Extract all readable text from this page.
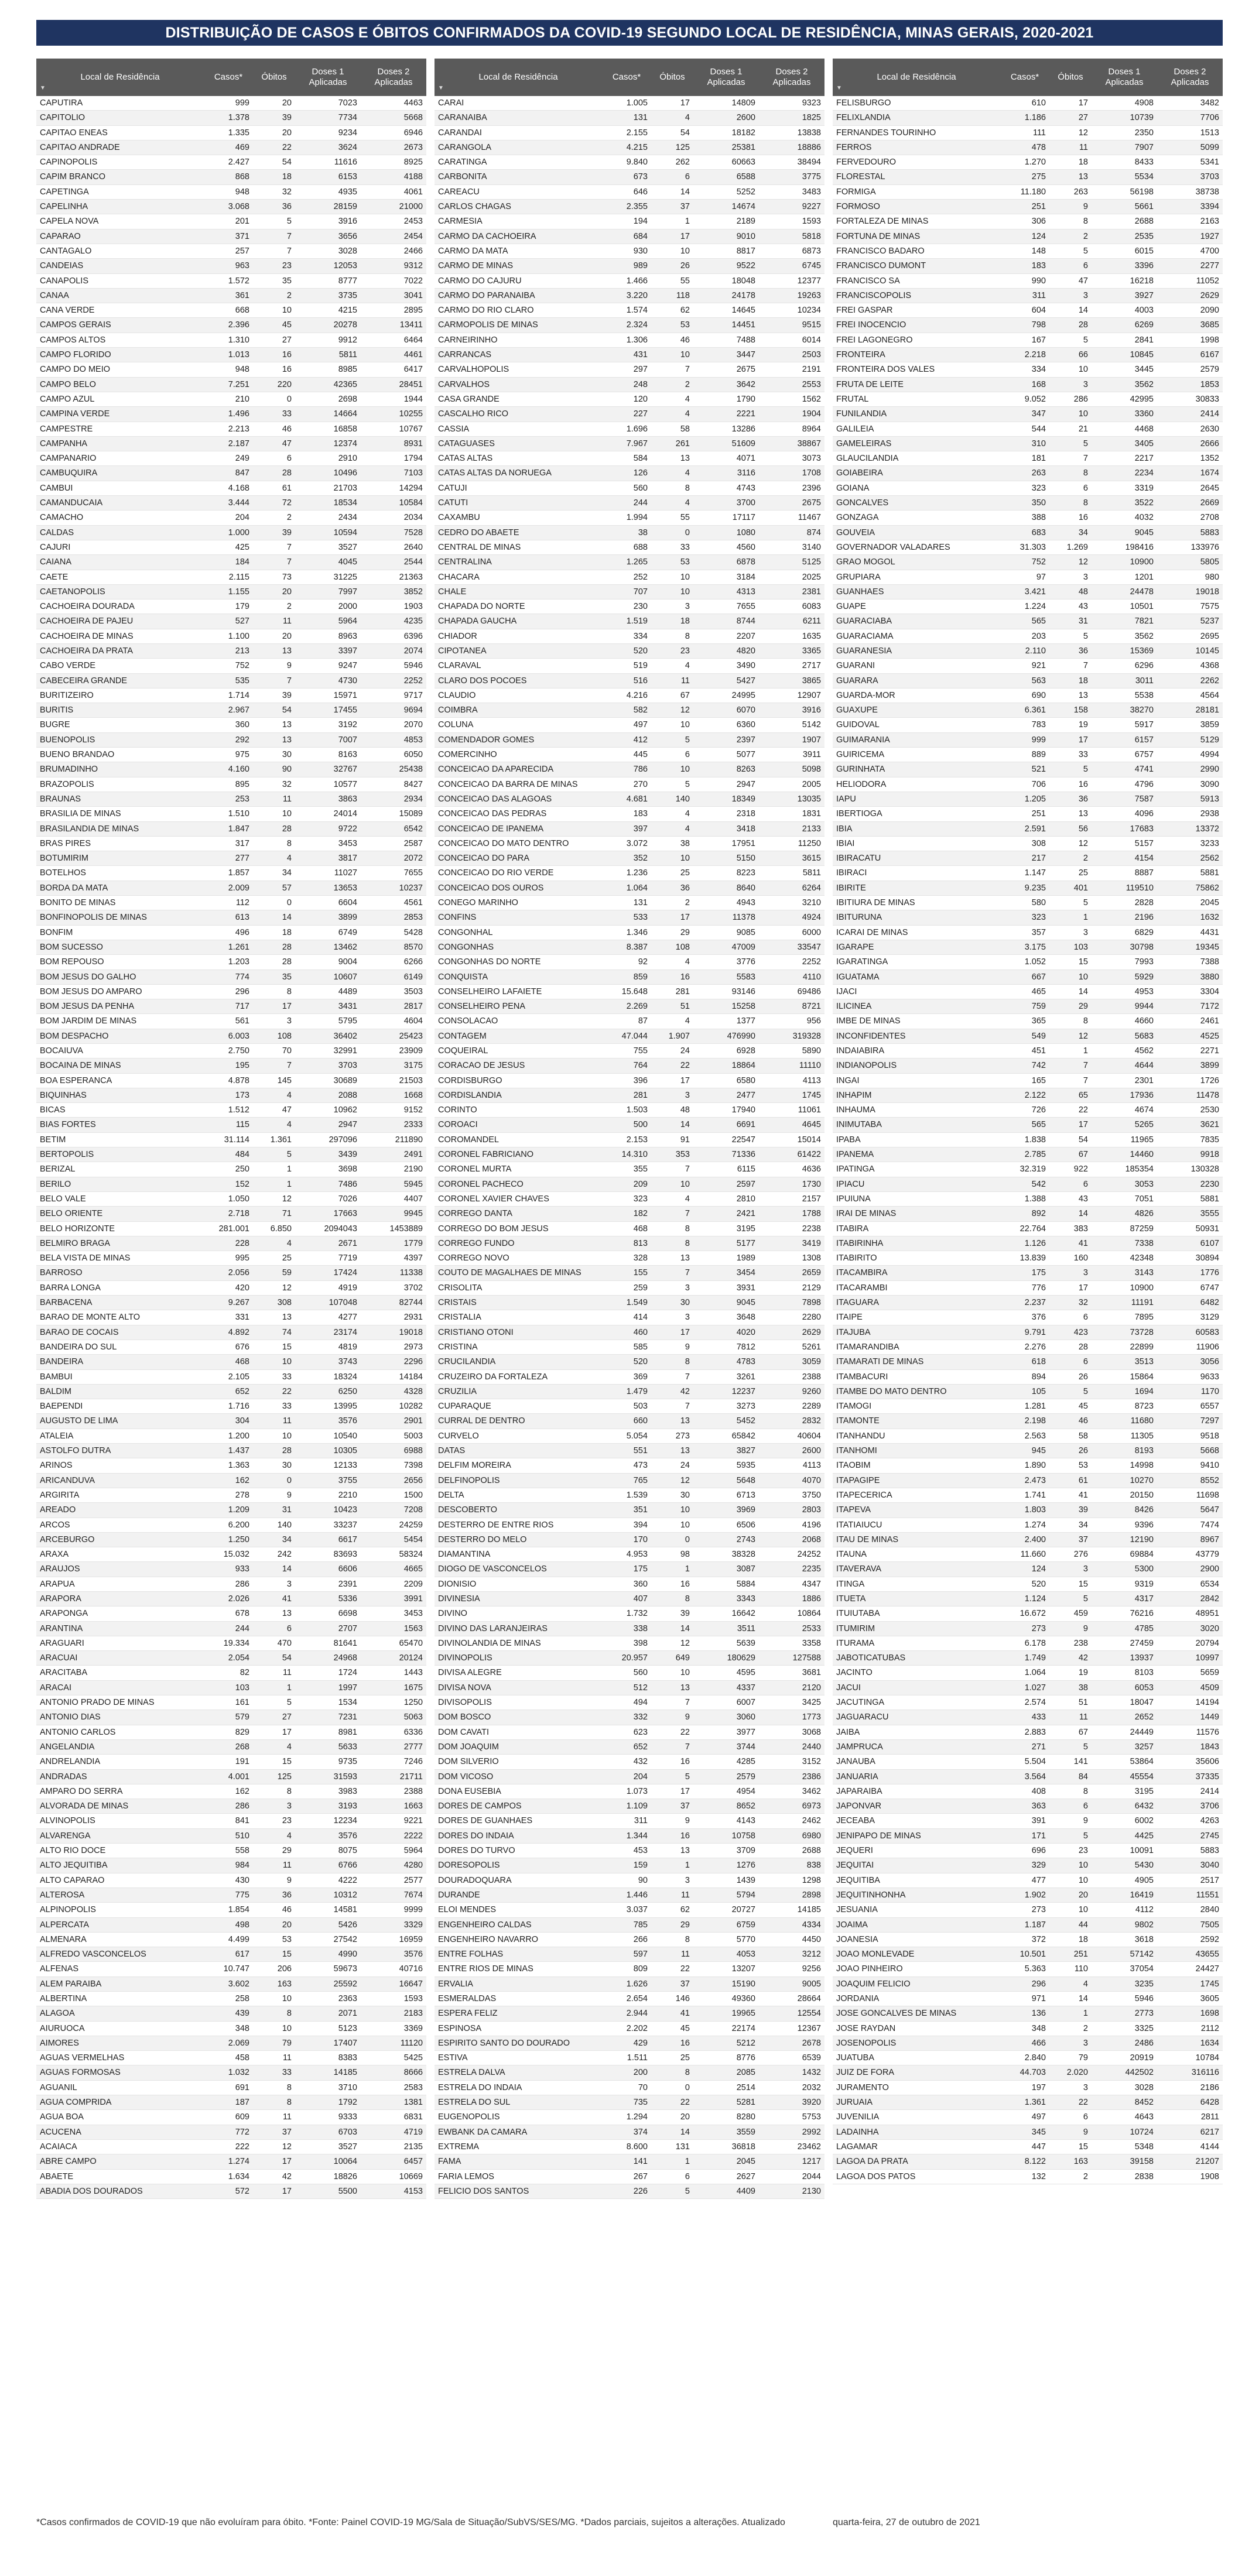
DISTRIBUIÇÃO DE CASOS E ÓBITOS CONFIRMADOS DA COVID-19 SEGUNDO LOCAL DE RESIDÊNCIA, MINAS GERAIS, 2020-2021
▼
Local de Residência	Casos*	Óbitos	Doses 1 Aplicadas	Doses 2 Aplicadas
CAPUTIRA	999	20	7023	4463
CAPITOLIO	1.378	39	7734	5668
CAPITAO ENEAS	1.335	20	9234	6946
CAPITAO ANDRADE	469	22	3624	2673
CAPINOPOLIS	2.427	54	11616	8925
CAPIM BRANCO	868	18	6153	4188
CAPETINGA	948	32	4935	4061
CAPELINHA	3.068	36	28159	21000
CAPELA NOVA	201	5	3916	2453
CAPARAO	371	7	3656	2454
CANTAGALO	257	7	3028	2466
CANDEIAS	963	23	12053	9312
CANAPOLIS	1.572	35	8777	7022
CANAA	361	2	3735	3041
CANA VERDE	668	10	4215	2895
CAMPOS GERAIS	2.396	45	20278	13411
CAMPOS ALTOS	1.310	27	9912	6464
CAMPO FLORIDO	1.013	16	5811	4461
CAMPO DO MEIO	948	16	8985	6417
CAMPO BELO	7.251	220	42365	28451
CAMPO AZUL	210	0	2698	1944
CAMPINA VERDE	1.496	33	14664	10255
CAMPESTRE	2.213	46	16858	10767
CAMPANHA	2.187	47	12374	8931
CAMPANARIO	249	6	2910	1794
CAMBUQUIRA	847	28	10496	7103
CAMBUI	4.168	61	21703	14294
CAMANDUCAIA	3.444	72	18534	10584
CAMACHO	204	2	2434	2034
CALDAS	1.000	39	10594	7528
CAJURI	425	7	3527	2640
CAIANA	184	7	4045	2544
CAETE	2.115	73	31225	21363
CAETANOPOLIS	1.155	20	7997	3852
CACHOEIRA DOURADA	179	2	2000	1903
CACHOEIRA DE PAJEU	527	11	5964	4235
CACHOEIRA DE MINAS	1.100	20	8963	6396
CACHOEIRA DA PRATA	213	13	3397	2074
CABO VERDE	752	9	9247	5946
CABECEIRA GRANDE	535	7	4730	2252
BURITIZEIRO	1.714	39	15971	9717
BURITIS	2.967	54	17455	9694
BUGRE	360	13	3192	2070
BUENOPOLIS	292	13	7007	4853
BUENO BRANDAO	975	30	8163	6050
BRUMADINHO	4.160	90	32767	25438
BRAZOPOLIS	895	32	10577	8427
BRAUNAS	253	11	3863	2934
BRASILIA DE MINAS	1.510	10	24014	15089
BRASILANDIA DE MINAS	1.847	28	9722	6542
BRAS PIRES	317	8	3453	2587
BOTUMIRIM	277	4	3817	2072
BOTELHOS	1.857	34	11027	7655
BORDA DA MATA	2.009	57	13653	10237
BONITO DE MINAS	112	0	6604	4561
BONFINOPOLIS DE MINAS	613	14	3899	2853
BONFIM	496	18	6749	5428
BOM SUCESSO	1.261	28	13462	8570
BOM REPOUSO	1.203	28	9004	6266
BOM JESUS DO GALHO	774	35	10607	6149
BOM JESUS DO AMPARO	296	8	4489	3503
BOM JESUS DA PENHA	717	17	3431	2817
BOM JARDIM DE MINAS	561	3	5795	4604
BOM DESPACHO	6.003	108	36402	25423
BOCAIUVA	2.750	70	32991	23909
BOCAINA DE MINAS	195	7	3703	3175
BOA ESPERANCA	4.878	145	30689	21503
BIQUINHAS	173	4	2088	1668
BICAS	1.512	47	10962	9152
BIAS FORTES	115	4	2947	2333
BETIM	31.114	1.361	297096	211890
BERTOPOLIS	484	5	3439	2491
BERIZAL	250	1	3698	2190
BERILO	152	1	7486	5945
BELO VALE	1.050	12	7026	4407
BELO ORIENTE	2.718	71	17663	9945
BELO HORIZONTE	281.001	6.850	2094043	1453889
BELMIRO BRAGA	228	4	2671	1779
BELA VISTA DE MINAS	995	25	7719	4397
BARROSO	2.056	59	17424	11338
BARRA LONGA	420	12	4919	3702
BARBACENA	9.267	308	107048	82744
BARAO DE MONTE ALTO	331	13	4277	2931
BARAO DE COCAIS	4.892	74	23174	19018
BANDEIRA DO SUL	676	15	4819	2973
BANDEIRA	468	10	3743	2296
BAMBUI	2.105	33	18324	14184
BALDIM	652	22	6250	4328
BAEPENDI	1.716	33	13995	10282
AUGUSTO DE LIMA	304	11	3576	2901
ATALEIA	1.200	10	10540	5003
ASTOLFO DUTRA	1.437	28	10305	6988
ARINOS	1.363	30	12133	7398
ARICANDUVA	162	0	3755	2656
ARGIRITA	278	9	2210	1500
AREADO	1.209	31	10423	7208
ARCOS	6.200	140	33237	24259
ARCEBURGO	1.250	34	6617	5454
ARAXA	15.032	242	83693	58324
ARAUJOS	933	14	6606	4665
ARAPUA	286	3	2391	2209
ARAPORA	2.026	41	5336	3991
ARAPONGA	678	13	6698	3453
ARANTINA	244	6	2707	1563
ARAGUARI	19.334	470	81641	65470
ARACUAI	2.054	54	24968	20124
ARACITABA	82	11	1724	1443
ARACAI	103	1	1997	1675
ANTONIO PRADO DE MINAS	161	5	1534	1250
ANTONIO DIAS	579	27	7231	5063
ANTONIO CARLOS	829	17	8981	6336
ANGELANDIA	268	4	5633	2777
ANDRELANDIA	191	15	9735	7246
ANDRADAS	4.001	125	31593	21711
AMPARO DO SERRA	162	8	3983	2388
ALVORADA DE MINAS	286	3	3193	1663
ALVINOPOLIS	841	23	12234	9221
ALVARENGA	510	4	3576	2222
ALTO RIO DOCE	558	29	8075	5964
ALTO JEQUITIBA	984	11	6766	4280
ALTO CAPARAO	430	9	4222	2577
ALTEROSA	775	36	10312	7674
ALPINOPOLIS	1.854	46	14581	9999
ALPERCATA	498	20	5426	3329
ALMENARA	4.499	53	27542	16959
ALFREDO VASCONCELOS	617	15	4990	3576
ALFENAS	10.747	206	59673	40716
ALEM PARAIBA	3.602	163	25592	16647
ALBERTINA	258	10	2363	1593
ALAGOA	439	8	2071	2183
AIURUOCA	348	10	5123	3369
AIMORES	2.069	79	17407	11120
AGUAS VERMELHAS	458	11	8383	5425
AGUAS FORMOSAS	1.032	33	14185	8666
AGUANIL	691	8	3710	2583
AGUA COMPRIDA	187	8	1792	1381
AGUA BOA	609	11	9333	6831
ACUCENA	772	37	6703	4719
ACAIACA	222	12	3527	2135
ABRE CAMPO	1.274	17	10064	6457
ABAETE	1.634	42	18826	10669
ABADIA DOS DOURADOS	572	17	5500	4153
▼
Local de Residência	Casos*	Óbitos	Doses 1 Aplicadas	Doses 2 Aplicadas
CARAI	1.005	17	14809	9323
CARANAIBA	131	4	2600	1825
CARANDAI	2.155	54	18182	13838
CARANGOLA	4.215	125	25381	18886
CARATINGA	9.840	262	60663	38494
CARBONITA	673	6	6588	3775
CAREACU	646	14	5252	3483
CARLOS CHAGAS	2.355	37	14674	9227
CARMESIA	194	1	2189	1593
CARMO DA CACHOEIRA	684	17	9010	5818
CARMO DA MATA	930	10	8817	6873
CARMO DE MINAS	989	26	9522	6745
CARMO DO CAJURU	1.466	55	18048	12377
CARMO DO PARANAIBA	3.220	118	24178	19263
CARMO DO RIO CLARO	1.574	62	14645	10234
CARMOPOLIS DE MINAS	2.324	53	14451	9515
CARNEIRINHO	1.306	46	7488	6014
CARRANCAS	431	10	3447	2503
CARVALHOPOLIS	297	7	2675	2191
CARVALHOS	248	2	3642	2553
CASA GRANDE	120	4	1790	1562
CASCALHO RICO	227	4	2221	1904
CASSIA	1.696	58	13286	8964
CATAGUASES	7.967	261	51609	38867
CATAS ALTAS	584	13	4071	3073
CATAS ALTAS DA NORUEGA	126	4	3116	1708
CATUJI	560	8	4743	2396
CATUTI	244	4	3700	2675
CAXAMBU	1.994	55	17117	11467
CEDRO DO ABAETE	38	0	1080	874
CENTRAL DE MINAS	688	33	4560	3140
CENTRALINA	1.265	53	6878	5125
CHACARA	252	10	3184	2025
CHALE	707	10	4313	2381
CHAPADA DO NORTE	230	3	7655	6083
CHAPADA GAUCHA	1.519	18	8744	6211
CHIADOR	334	8	2207	1635
CIPOTANEA	520	23	4820	3365
CLARAVAL	519	4	3490	2717
CLARO DOS POCOES	516	11	5427	3865
CLAUDIO	4.216	67	24995	12907
COIMBRA	582	12	6070	3916
COLUNA	497	10	6360	5142
COMENDADOR GOMES	412	5	2397	1907
COMERCINHO	445	6	5077	3911
CONCEICAO DA APARECIDA	786	10	8263	5098
CONCEICAO DA BARRA DE MINAS	270	5	2947	2005
CONCEICAO DAS ALAGOAS	4.681	140	18349	13035
CONCEICAO DAS PEDRAS	183	4	2318	1831
CONCEICAO DE IPANEMA	397	4	3418	2133
CONCEICAO DO MATO DENTRO	3.072	38	17951	11250
CONCEICAO DO PARA	352	10	5150	3615
CONCEICAO DO RIO VERDE	1.236	25	8223	5811
CONCEICAO DOS OUROS	1.064	36	8640	6264
CONEGO MARINHO	131	2	4943	3210
CONFINS	533	17	11378	4924
CONGONHAL	1.346	29	9085	6000
CONGONHAS	8.387	108	47009	33547
CONGONHAS DO NORTE	92	4	3776	2252
CONQUISTA	859	16	5583	4110
CONSELHEIRO LAFAIETE	15.648	281	93146	69486
CONSELHEIRO PENA	2.269	51	15258	8721
CONSOLACAO	87	4	1377	956
CONTAGEM	47.044	1.907	476990	319328
COQUEIRAL	755	24	6928	5890
CORACAO DE JESUS	764	22	18864	11110
CORDISBURGO	396	17	6580	4113
CORDISLANDIA	281	3	2477	1745
CORINTO	1.503	48	17940	11061
COROACI	500	14	6691	4645
COROMANDEL	2.153	91	22547	15014
CORONEL FABRICIANO	14.310	353	71336	61422
CORONEL MURTA	355	7	6115	4636
CORONEL PACHECO	209	10	2597	1730
CORONEL XAVIER CHAVES	323	4	2810	2157
CORREGO DANTA	182	7	2421	1788
CORREGO DO BOM JESUS	468	8	3195	2238
CORREGO FUNDO	813	8	5177	3419
CORREGO NOVO	328	13	1989	1308
COUTO DE MAGALHAES DE MINAS	155	7	3454	2659
CRISOLITA	259	3	3931	2129
CRISTAIS	1.549	30	9045	7898
CRISTALIA	414	3	3648	2280
CRISTIANO OTONI	460	17	4020	2629
CRISTINA	585	9	7812	5261
CRUCILANDIA	520	8	4783	3059
CRUZEIRO DA FORTALEZA	369	7	3261	2388
CRUZILIA	1.479	42	12237	9260
CUPARAQUE	503	7	3273	2289
CURRAL DE DENTRO	660	13	5452	2832
CURVELO	5.054	273	65842	40604
DATAS	551	13	3827	2600
DELFIM MOREIRA	473	24	5935	4113
DELFINOPOLIS	765	12	5648	4070
DELTA	1.539	30	6713	3750
DESCOBERTO	351	10	3969	2803
DESTERRO DE ENTRE RIOS	394	10	6506	4196
DESTERRO DO MELO	170	0	2743	2068
DIAMANTINA	4.953	98	38328	24252
DIOGO DE VASCONCELOS	175	1	3087	2235
DIONISIO	360	16	5884	4347
DIVINESIA	407	8	3343	1886
DIVINO	1.732	39	16642	10864
DIVINO DAS LARANJEIRAS	338	14	3511	2533
DIVINOLANDIA DE MINAS	398	12	5639	3358
DIVINOPOLIS	20.957	649	180629	127588
DIVISA ALEGRE	560	10	4595	3681
DIVISA NOVA	512	13	4337	2120
DIVISOPOLIS	494	7	6007	3425
DOM BOSCO	332	9	3060	1773
DOM CAVATI	623	22	3977	3068
DOM JOAQUIM	652	7	3744	2440
DOM SILVERIO	432	16	4285	3152
DOM VICOSO	204	5	2579	2386
DONA EUSEBIA	1.073	17	4954	3462
DORES DE CAMPOS	1.109	37	8652	6973
DORES DE GUANHAES	311	9	4143	2462
DORES DO INDAIA	1.344	16	10758	6980
DORES DO TURVO	453	13	3709	2688
DORESOPOLIS	159	1	1276	838
DOURADOQUARA	90	3	1439	1298
DURANDE	1.446	11	5794	2898
ELOI MENDES	3.037	62	20727	14185
ENGENHEIRO CALDAS	785	29	6759	4334
ENGENHEIRO NAVARRO	266	8	5770	4450
ENTRE FOLHAS	597	11	4053	3212
ENTRE RIOS DE MINAS	809	22	13207	9256
ERVALIA	1.626	37	15190	9005
ESMERALDAS	2.654	146	49360	28664
ESPERA FELIZ	2.944	41	19965	12554
ESPINOSA	2.202	45	22174	12367
ESPIRITO SANTO DO DOURADO	429	16	5212	2678
ESTIVA	1.511	25	8776	6539
ESTRELA DALVA	200	8	2085	1432
ESTRELA DO INDAIA	70	0	2514	2032
ESTRELA DO SUL	735	22	5281	3920
EUGENOPOLIS	1.294	20	8280	5753
EWBANK DA CAMARA	374	14	3559	2992
EXTREMA	8.600	131	36818	23462
FAMA	141	1	2045	1217
FARIA LEMOS	267	6	2627	2044
FELICIO DOS SANTOS	226	5	4409	2130
▼
Local de Residência	Casos*	Óbitos	Doses 1 Aplicadas	Doses 2 Aplicadas
FELISBURGO	610	17	4908	3482
FELIXLANDIA	1.186	27	10739	7706
FERNANDES TOURINHO	111	12	2350	1513
FERROS	478	11	7907	5099
FERVEDOURO	1.270	18	8433	5341
FLORESTAL	275	13	5534	3703
FORMIGA	11.180	263	56198	38738
FORMOSO	251	9	5661	3394
FORTALEZA DE MINAS	306	8	2688	2163
FORTUNA DE MINAS	124	2	2535	1927
FRANCISCO BADARO	148	5	6015	4700
FRANCISCO DUMONT	183	6	3396	2277
FRANCISCO SA	990	47	16218	11052
FRANCISCOPOLIS	311	3	3927	2629
FREI GASPAR	604	14	4003	2090
FREI INOCENCIO	798	28	6269	3685
FREI LAGONEGRO	167	5	2841	1998
FRONTEIRA	2.218	66	10845	6167
FRONTEIRA DOS VALES	334	10	3445	2579
FRUTA DE LEITE	168	3	3562	1853
FRUTAL	9.052	286	42995	30833
FUNILANDIA	347	10	3360	2414
GALILEIA	544	21	4468	2630
GAMELEIRAS	310	5	3405	2666
GLAUCILANDIA	181	7	2217	1352
GOIABEIRA	263	8	2234	1674
GOIANA	323	6	3319	2645
GONCALVES	350	8	3522	2669
GONZAGA	388	16	4032	2708
GOUVEIA	683	34	9045	5883
GOVERNADOR VALADARES	31.303	1.269	198416	133976
GRAO MOGOL	752	12	10900	5805
GRUPIARA	97	3	1201	980
GUANHAES	3.421	48	24478	19018
GUAPE	1.224	43	10501	7575
GUARACIABA	565	31	7821	5237
GUARACIAMA	203	5	3562	2695
GUARANESIA	2.110	36	15369	10145
GUARANI	921	7	6296	4368
GUARARA	563	18	3011	2262
GUARDA-MOR	690	13	5538	4564
GUAXUPE	6.361	158	38270	28181
GUIDOVAL	783	19	5917	3859
GUIMARANIA	999	17	6157	5129
GUIRICEMA	889	33	6757	4994
GURINHATA	521	5	4741	2990
HELIODORA	706	16	4796	3090
IAPU	1.205	36	7587	5913
IBERTIOGA	251	13	4096	2938
IBIA	2.591	56	17683	13372
IBIAI	308	12	5157	3233
IBIRACATU	217	2	4154	2562
IBIRACI	1.147	25	8887	5881
IBIRITE	9.235	401	119510	75862
IBITIURA DE MINAS	580	5	2828	2045
IBITURUNA	323	1	2196	1632
ICARAI DE MINAS	357	3	6829	4431
IGARAPE	3.175	103	30798	19345
IGARATINGA	1.052	15	7993	7388
IGUATAMA	667	10	5929	3880
IJACI	465	14	4953	3304
ILICINEA	759	29	9944	7172
IMBE DE MINAS	365	8	4660	2461
INCONFIDENTES	549	12	5683	4525
INDAIABIRA	451	1	4562	2271
INDIANOPOLIS	742	7	4644	3899
INGAI	165	7	2301	1726
INHAPIM	2.122	65	17936	11478
INHAUMA	726	22	4674	2530
INIMUTABA	565	17	5265	3621
IPABA	1.838	54	11965	7835
IPANEMA	2.785	67	14460	9918
IPATINGA	32.319	922	185354	130328
IPIACU	542	6	3053	2230
IPUIUNA	1.388	43	7051	5881
IRAI DE MINAS	892	14	4826	3555
ITABIRA	22.764	383	87259	50931
ITABIRINHA	1.126	41	7338	6107
ITABIRITO	13.839	160	42348	30894
ITACAMBIRA	175	3	3143	1776
ITACARAMBI	776	17	10900	6747
ITAGUARA	2.237	32	11191	6482
ITAIPE	376	6	7895	3129
ITAJUBA	9.791	423	73728	60583
ITAMARANDIBA	2.276	28	22899	11906
ITAMARATI DE MINAS	618	6	3513	3056
ITAMBACURI	894	26	15864	9633
ITAMBE DO MATO DENTRO	105	5	1694	1170
ITAMOGI	1.281	45	8723	6557
ITAMONTE	2.198	46	11680	7297
ITANHANDU	2.563	58	11305	9518
ITANHOMI	945	26	8193	5668
ITAOBIM	1.890	53	14998	9410
ITAPAGIPE	2.473	61	10270	8552
ITAPECERICA	1.741	41	20150	11698
ITAPEVA	1.803	39	8426	5647
ITATIAIUCU	1.274	34	9396	7474
ITAU DE MINAS	2.400	37	12190	8967
ITAUNA	11.660	276	69884	43779
ITAVERAVA	124	3	5300	2900
ITINGA	520	15	9319	6534
ITUETA	1.124	5	4317	2842
ITUIUTABA	16.672	459	76216	48951
ITUMIRIM	273	9	4785	3020
ITURAMA	6.178	238	27459	20794
JABOTICATUBAS	1.749	42	13937	10997
JACINTO	1.064	19	8103	5659
JACUI	1.027	38	6053	4509
JACUTINGA	2.574	51	18047	14194
JAGUARACU	433	11	2652	1449
JAIBA	2.883	67	24449	11576
JAMPRUCA	271	5	3257	1843
JANAUBA	5.504	141	53864	35606
JANUARIA	3.564	84	45554	37335
JAPARAIBA	408	8	3195	2414
JAPONVAR	363	6	6432	3706
JECEABA	391	9	6002	4263
JENIPAPO DE MINAS	171	5	4425	2745
JEQUERI	696	23	10091	5883
JEQUITAI	329	10	5430	3040
JEQUITIBA	477	10	4905	2517
JEQUITINHONHA	1.902	20	16419	11551
JESUANIA	273	10	4112	2840
JOAIMA	1.187	44	9802	7505
JOANESIA	372	18	3618	2592
JOAO MONLEVADE	10.501	251	57142	43655
JOAO PINHEIRO	5.363	110	37054	24427
JOAQUIM FELICIO	296	4	3235	1745
JORDANIA	971	14	5946	3605
JOSE GONCALVES DE MINAS	136	1	2773	1698
JOSE RAYDAN	348	2	3325	2112
JOSENOPOLIS	466	3	2486	1634
JUATUBA	2.840	79	20919	10784
JUIZ DE FORA	44.703	2.020	442502	316116
JURAMENTO	197	3	3028	2186
JURUAIA	1.361	22	8452	6428
JUVENILIA	497	6	4643	2811
LADAINHA	345	9	10724	6217
LAGAMAR	447	15	5348	4144
LAGOA DA PRATA	8.122	163	39158	21207
LAGOA DOS PATOS	132	2	2838	1908
*Casos confirmados de COVID-19 que não evoluíram para óbito. *Fonte: Painel COVID-19 MG/Sala de Situação/SubVS/SES/MG. *Dados parciais, sujeitos a alterações. Atualizado	quarta-feira, 27 de outubro de 2021
